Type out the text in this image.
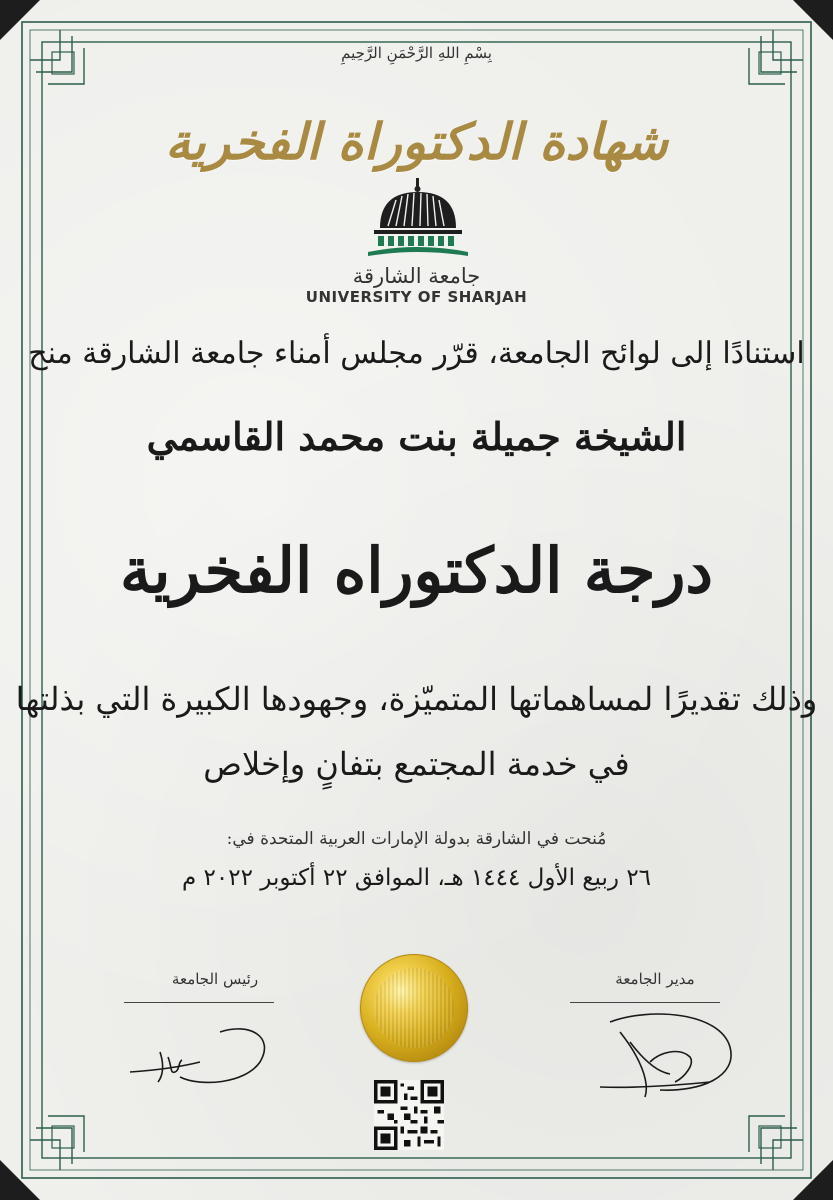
بِسْمِ اللهِ الرَّحْمَنِ الرَّحِيمِ
شهادة الدكتوراة الفخرية
جامعة الشارقة
UNIVERSITY OF SHARJAH
استنادًا إلى لوائح الجامعة، قرّر مجلس أمناء جامعة الشارقة منح
الشيخة جميلة بنت محمد القاسمي
درجة الدكتوراه الفخرية
وذلك تقديرًا لمساهماتها المتميّزة، وجهودها الكبيرة التي بذلتها
في خدمة المجتمع بتفانٍ وإخلاص
مُنحت في الشارقة بدولة الإمارات العربية المتحدة في:
٢٦ ربيع الأول ١٤٤٤ هـ، الموافق ٢٢ أكتوبر ٢٠٢٢ م
رئيس الجامعة	مدير الجامعة
